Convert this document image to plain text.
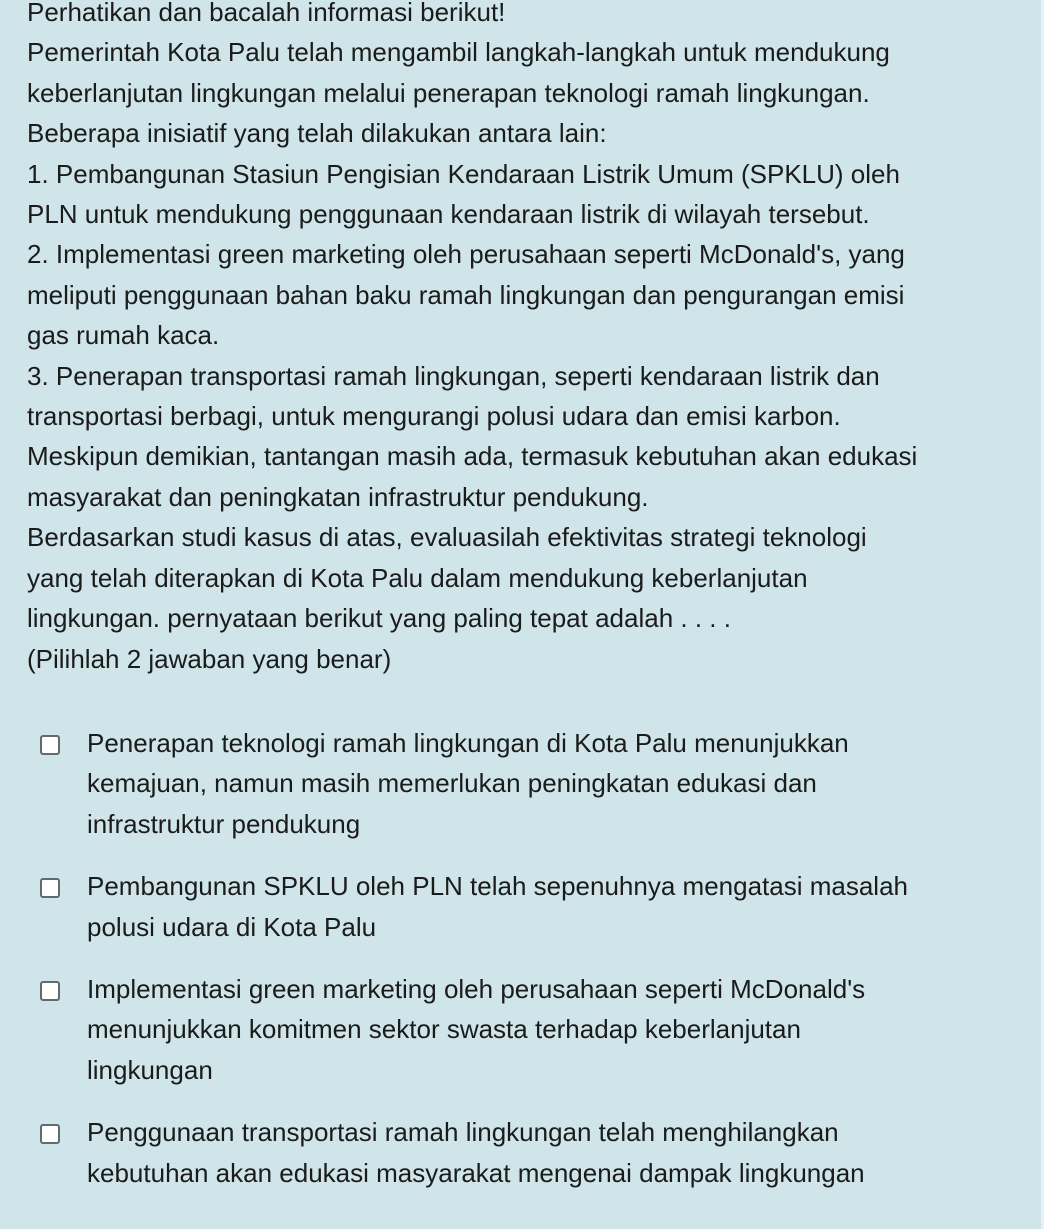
Perhatikan dan bacalah informasi berikut!
Pemerintah Kota Palu telah mengambil langkah-langkah untuk mendukung
keberlanjutan lingkungan melalui penerapan teknologi ramah lingkungan.
Beberapa inisiatif yang telah dilakukan antara lain:
1. Pembangunan Stasiun Pengisian Kendaraan Listrik Umum (SPKLU) oleh
PLN untuk mendukung penggunaan kendaraan listrik di wilayah tersebut.
2. Implementasi green marketing oleh perusahaan seperti McDonald's, yang
meliputi penggunaan bahan baku ramah lingkungan dan pengurangan emisi
gas rumah kaca.
3. Penerapan transportasi ramah lingkungan, seperti kendaraan listrik dan
transportasi berbagi, untuk mengurangi polusi udara dan emisi karbon.
Meskipun demikian, tantangan masih ada, termasuk kebutuhan akan edukasi
masyarakat dan peningkatan infrastruktur pendukung.
Berdasarkan studi kasus di atas, evaluasilah efektivitas strategi teknologi
yang telah diterapkan di Kota Palu dalam mendukung keberlanjutan
lingkungan. pernyataan berikut yang paling tepat adalah . . . .
(Pilihlah 2 jawaban yang benar)
Penerapan teknologi ramah lingkungan di Kota Palu menunjukkan
kemajuan, namun masih memerlukan peningkatan edukasi dan
infrastruktur pendukung
Pembangunan SPKLU oleh PLN telah sepenuhnya mengatasi masalah
polusi udara di Kota Palu
Implementasi green marketing oleh perusahaan seperti McDonald's
menunjukkan komitmen sektor swasta terhadap keberlanjutan
lingkungan
Penggunaan transportasi ramah lingkungan telah menghilangkan
kebutuhan akan edukasi masyarakat mengenai dampak lingkungan
